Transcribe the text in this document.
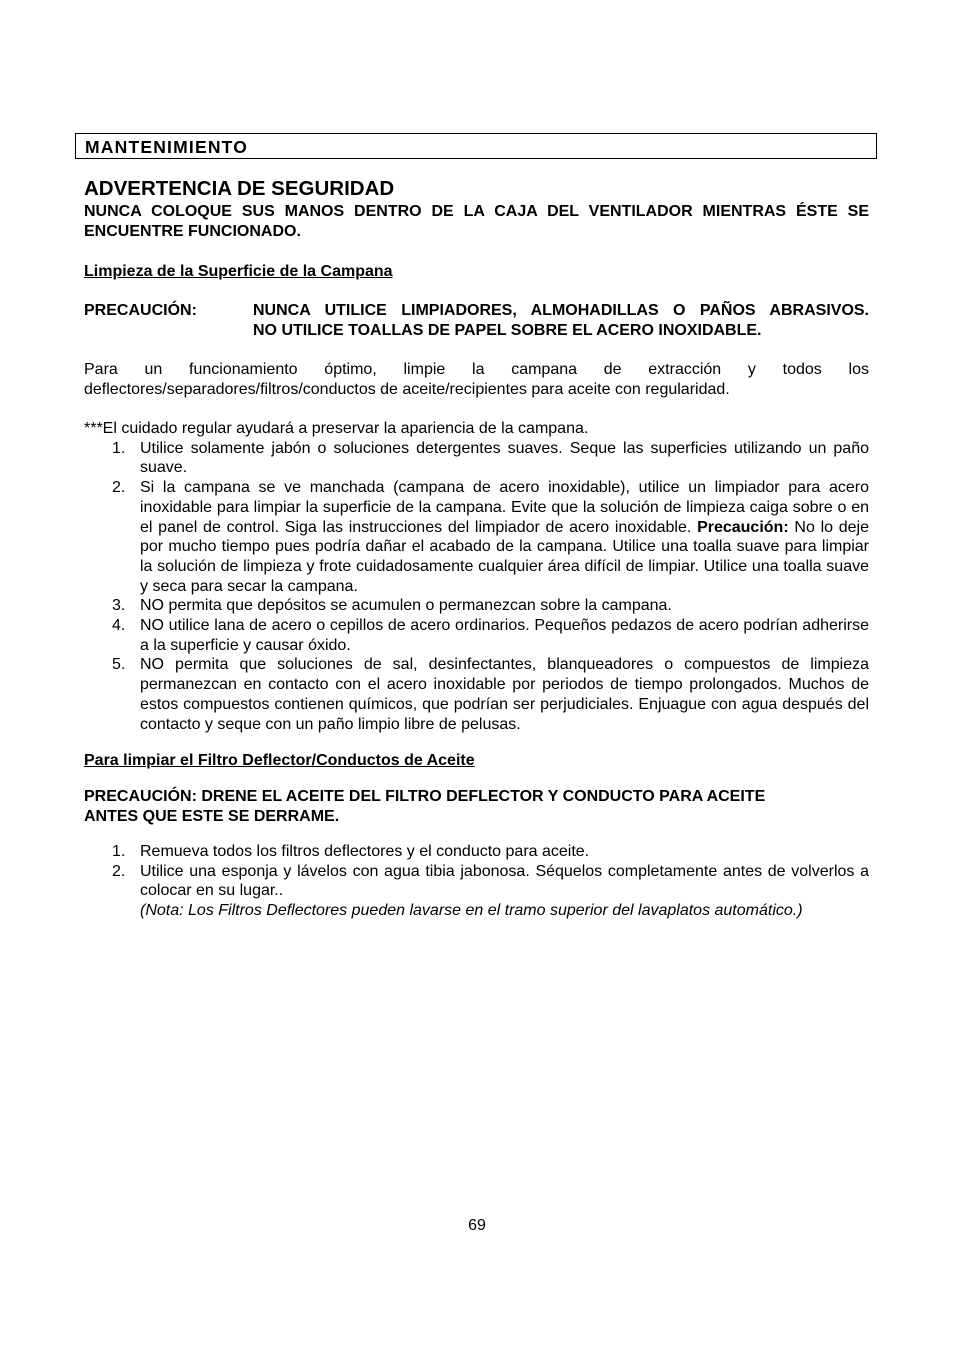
MANTENIMIENTO
ADVERTENCIA DE SEGURIDAD
NUNCA COLOQUE SUS MANOS DENTRO DE LA CAJA DEL VENTILADOR MIENTRAS ÉSTE SE
ENCUENTRE FUNCIONADO.
Limpieza de la Superficie de la Campana
PRECAUCIÓN:	NUNCA UTILICE LIMPIADORES, ALMOHADILLAS O PAÑOS ABRASIVOS.
NO UTILICE TOALLAS DE PAPEL SOBRE EL ACERO INOXIDABLE.
Para un funcionamiento óptimo, limpie la campana de extracción y todos los
deflectores/separadores/filtros/conductos de aceite/recipientes para aceite con regularidad.
***El cuidado regular ayudará a preservar la apariencia de la campana.
1. Utilice solamente jabón o soluciones detergentes suaves. Seque las superficies utilizando un paño suave.
2. Si la campana se ve manchada (campana de acero inoxidable), utilice un limpiador para acero inoxidable para limpiar la superficie de la campana. Evite que la solución de limpieza caiga sobre o en el panel de control. Siga las instrucciones del limpiador de acero inoxidable. Precaución: No lo deje por mucho tiempo pues podría dañar el acabado de la campana. Utilice una toalla suave para limpiar la solución de limpieza y frote cuidadosamente cualquier área difícil de limpiar. Utilice una toalla suave y seca para secar la campana.
3. NO permita que depósitos se acumulen o permanezcan sobre la campana.
4. NO utilice lana de acero o cepillos de acero ordinarios. Pequeños pedazos de acero podrían adherirse a la superficie y causar óxido.
5. NO permita que soluciones de sal, desinfectantes, blanqueadores o compuestos de limpieza permanezcan en contacto con el acero inoxidable por periodos de tiempo prolongados. Muchos de estos compuestos contienen químicos, que podrían ser perjudiciales. Enjuague con agua después del contacto y seque con un paño limpio libre de pelusas.
Para limpiar el Filtro Deflector/Conductos de Aceite
PRECAUCIÓN: DRENE EL ACEITE DEL FILTRO DEFLECTOR Y CONDUCTO PARA ACEITE
ANTES QUE ESTE SE DERRAME.
1. Remueva todos los filtros deflectores y el conducto para aceite.
2. Utilice una esponja y lávelos con agua tibia jabonosa. Séquelos completamente antes de volverlos a colocar en su lugar..
(Nota: Los Filtros Deflectores pueden lavarse en el tramo superior del lavaplatos automático.)
69
